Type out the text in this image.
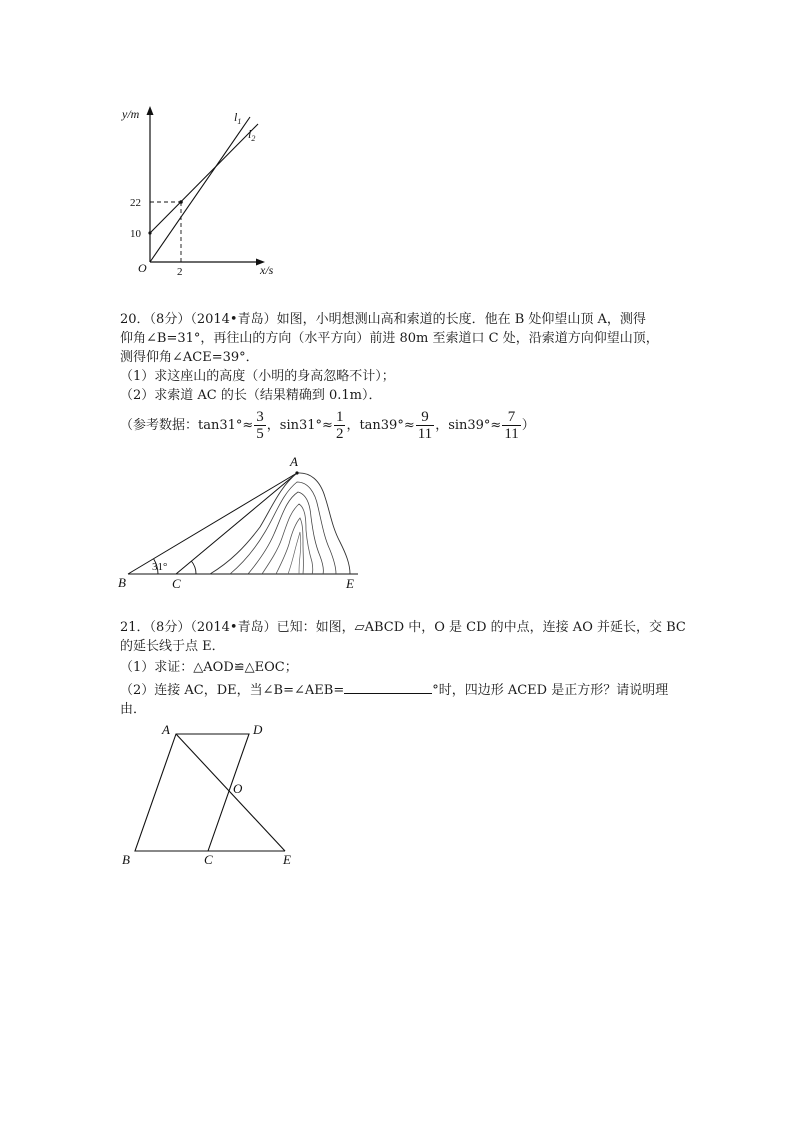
y/m
x/s
O
22
10
2
$l_1$
$l_2$
20．（8分）（2014•青岛）如图，小明想测山高和索道的长度．他在 B 处仰望山顶 A，测得
仰角∠B=31°，再往山的方向（水平方向）前进 80m 至索道口 C 处，沿索道方向仰望山顶，
测得仰角∠ACE=39°．
（1）求这座山的高度（小明的身高忽略不计）；
（2）求索道 AC 的长（结果精确到 0.1m）．
（参考数据：$\tan 31^\circ\approx \frac{3}{5}$ ，$\sin 31^\circ\approx \frac{1}{2}$ ，$\tan 39^\circ\approx \frac{9}{11}$ ，$\sin 39^\circ\approx \frac{7}{11}$ ）
A
B	C	E
31°
21．（8分）（2014•青岛）已知：如图，▱ABCD 中，O 是 CD 的中点，连接 AO 并延长，交 BC
的延长线于点 E．
（1）求证：△AOD≌△EOC；
（2）连接 AC，DE，当∠B=∠AEB=	°时，四边形 ACED 是正方形？请说明理
由．
A	D
O
B	C	E
